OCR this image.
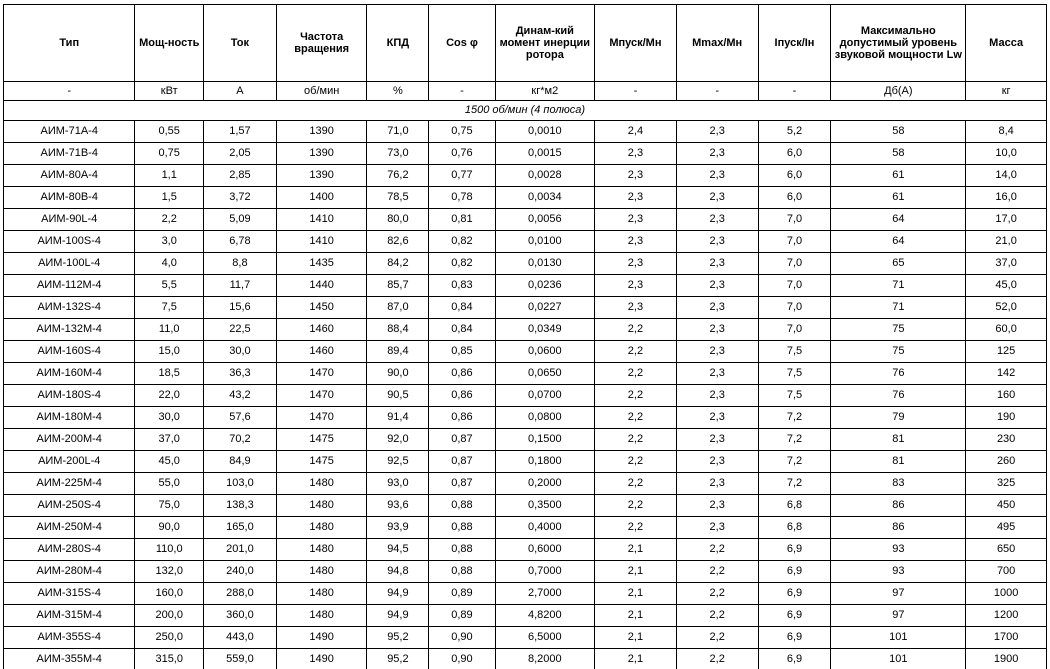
Тип	Мощ-ность	Ток	Частота вращения	КПД	Cos φ	Динам-кий момент инерции ротора	Мпуск/Мн	Мmax/Мн	Iпуск/Iн	Максимально допустимый уровень звуковой мощности Lw	Масса
-	кВт	А	об/мин	%	-	кг*м2	-	-	-	Дб(А)	кг
1500 об/мин (4 полюса)											
АИМ-71A-4	0,55	1,57	1390	71,0	0,75	0,0010	2,4	2,3	5,2	58	8,4
АИМ-71B-4	0,75	2,05	1390	73,0	0,76	0,0015	2,3	2,3	6,0	58	10,0
АИМ-80A-4	1,1	2,85	1390	76,2	0,77	0,0028	2,3	2,3	6,0	61	14,0
АИМ-80B-4	1,5	3,72	1400	78,5	0,78	0,0034	2,3	2,3	6,0	61	16,0
АИМ-90L-4	2,2	5,09	1410	80,0	0,81	0,0056	2,3	2,3	7,0	64	17,0
АИМ-100S-4	3,0	6,78	1410	82,6	0,82	0,0100	2,3	2,3	7,0	64	21,0
АИМ-100L-4	4,0	8,8	1435	84,2	0,82	0,0130	2,3	2,3	7,0	65	37,0
АИМ-112M-4	5,5	11,7	1440	85,7	0,83	0,0236	2,3	2,3	7,0	71	45,0
АИМ-132S-4	7,5	15,6	1450	87,0	0,84	0,0227	2,3	2,3	7,0	71	52,0
АИМ-132M-4	11,0	22,5	1460	88,4	0,84	0,0349	2,2	2,3	7,0	75	60,0
АИМ-160S-4	15,0	30,0	1460	89,4	0,85	0,0600	2,2	2,3	7,5	75	125
АИМ-160M-4	18,5	36,3	1470	90,0	0,86	0,0650	2,2	2,3	7,5	76	142
АИМ-180S-4	22,0	43,2	1470	90,5	0,86	0,0700	2,2	2,3	7,5	76	160
АИМ-180M-4	30,0	57,6	1470	91,4	0,86	0,0800	2,2	2,3	7,2	79	190
АИМ-200M-4	37,0	70,2	1475	92,0	0,87	0,1500	2,2	2,3	7,2	81	230
АИМ-200L-4	45,0	84,9	1475	92,5	0,87	0,1800	2,2	2,3	7,2	81	260
АИМ-225M-4	55,0	103,0	1480	93,0	0,87	0,2000	2,2	2,3	7,2	83	325
АИМ-250S-4	75,0	138,3	1480	93,6	0,88	0,3500	2,2	2,3	6,8	86	450
АИМ-250M-4	90,0	165,0	1480	93,9	0,88	0,4000	2,2	2,3	6,8	86	495
АИМ-280S-4	110,0	201,0	1480	94,5	0,88	0,6000	2,1	2,2	6,9	93	650
АИМ-280M-4	132,0	240,0	1480	94,8	0,88	0,7000	2,1	2,2	6,9	93	700
АИМ-315S-4	160,0	288,0	1480	94,9	0,89	2,7000	2,1	2,2	6,9	97	1000
АИМ-315M-4	200,0	360,0	1480	94,9	0,89	4,8200	2,1	2,2	6,9	97	1200
АИМ-355S-4	250,0	443,0	1490	95,2	0,90	6,5000	2,1	2,2	6,9	101	1700
АИМ-355M-4	315,0	559,0	1490	95,2	0,90	8,2000	2,1	2,2	6,9	101	1900
